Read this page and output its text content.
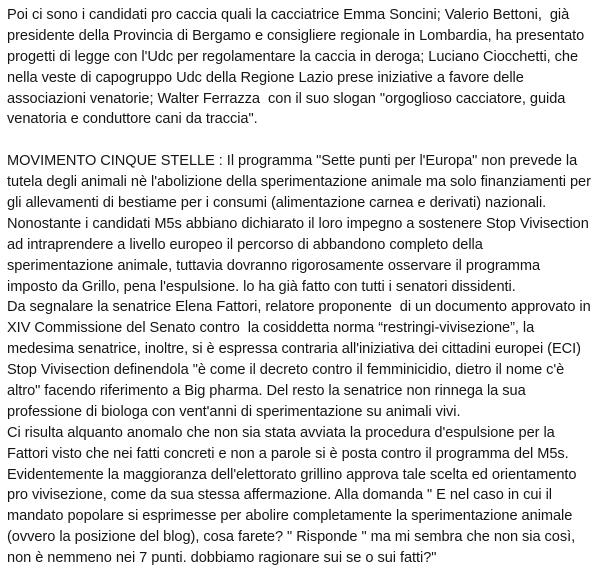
Poi ci sono i candidati pro caccia quali la cacciatrice Emma Soncini; Valerio Bettoni,  già
presidente della Provincia di Bergamo e consigliere regionale in Lombardia, ha presentato
progetti di legge con l'Udc per regolamentare la caccia in deroga; Luciano Ciocchetti, che
nella veste di capogruppo Udc della Regione Lazio prese iniziative a favore delle
associazioni venatorie; Walter Ferrazza  con il suo slogan "orgoglioso cacciatore, guida
venatoria e conduttore cani da traccia".
MOVIMENTO CINQUE STELLE : Il programma "Sette punti per l'Europa" non prevede la
tutela degli animali nè l'abolizione della sperimentazione animale ma solo finanziamenti per
gli allevamenti di bestiame per i consumi (alimentazione carnea e derivati) nazionali.
Nonostante i candidati M5s abbiano dichiarato il loro impegno a sostenere Stop Vivisection
ad intraprendere a livello europeo il percorso di abbandono completo della
sperimentazione animale, tuttavia dovranno rigorosamente osservare il programma
imposto da Grillo, pena l'espulsione. lo ha già fatto con tutti i senatori dissidenti.
Da segnalare la senatrice Elena Fattori, relatore proponente  di un documento approvato in
XIV Commissione del Senato contro  la cosiddetta norma “restringi-vivisezione”, la
medesima senatrice, inoltre, si è espressa contraria all'iniziativa dei cittadini europei (ECI)
Stop Vivisection definendola "è come il decreto contro il femminicidio, dietro il nome c'è
altro" facendo riferimento a Big pharma. Del resto la senatrice non rinnega la sua
professione di biologa con vent'anni di sperimentazione su animali vivi.
Ci risulta alquanto anomalo che non sia stata avviata la procedura d'espulsione per la
Fattori visto che nei fatti concreti e non a parole si è posta contro il programma del M5s.
Evidentemente la maggioranza dell'elettorato grillino approva tale scelta ed orientamento
pro vivisezione, come da sua stessa affermazione. Alla domanda " E nel caso in cui il
mandato popolare si esprimesse per abolire completamente la sperimentazione animale
(ovvero la posizione del blog), cosa farete? " Risponde " ma mi sembra che non sia così,
non è nemmeno nei 7 punti. dobbiamo ragionare sui se o sui fatti?"
